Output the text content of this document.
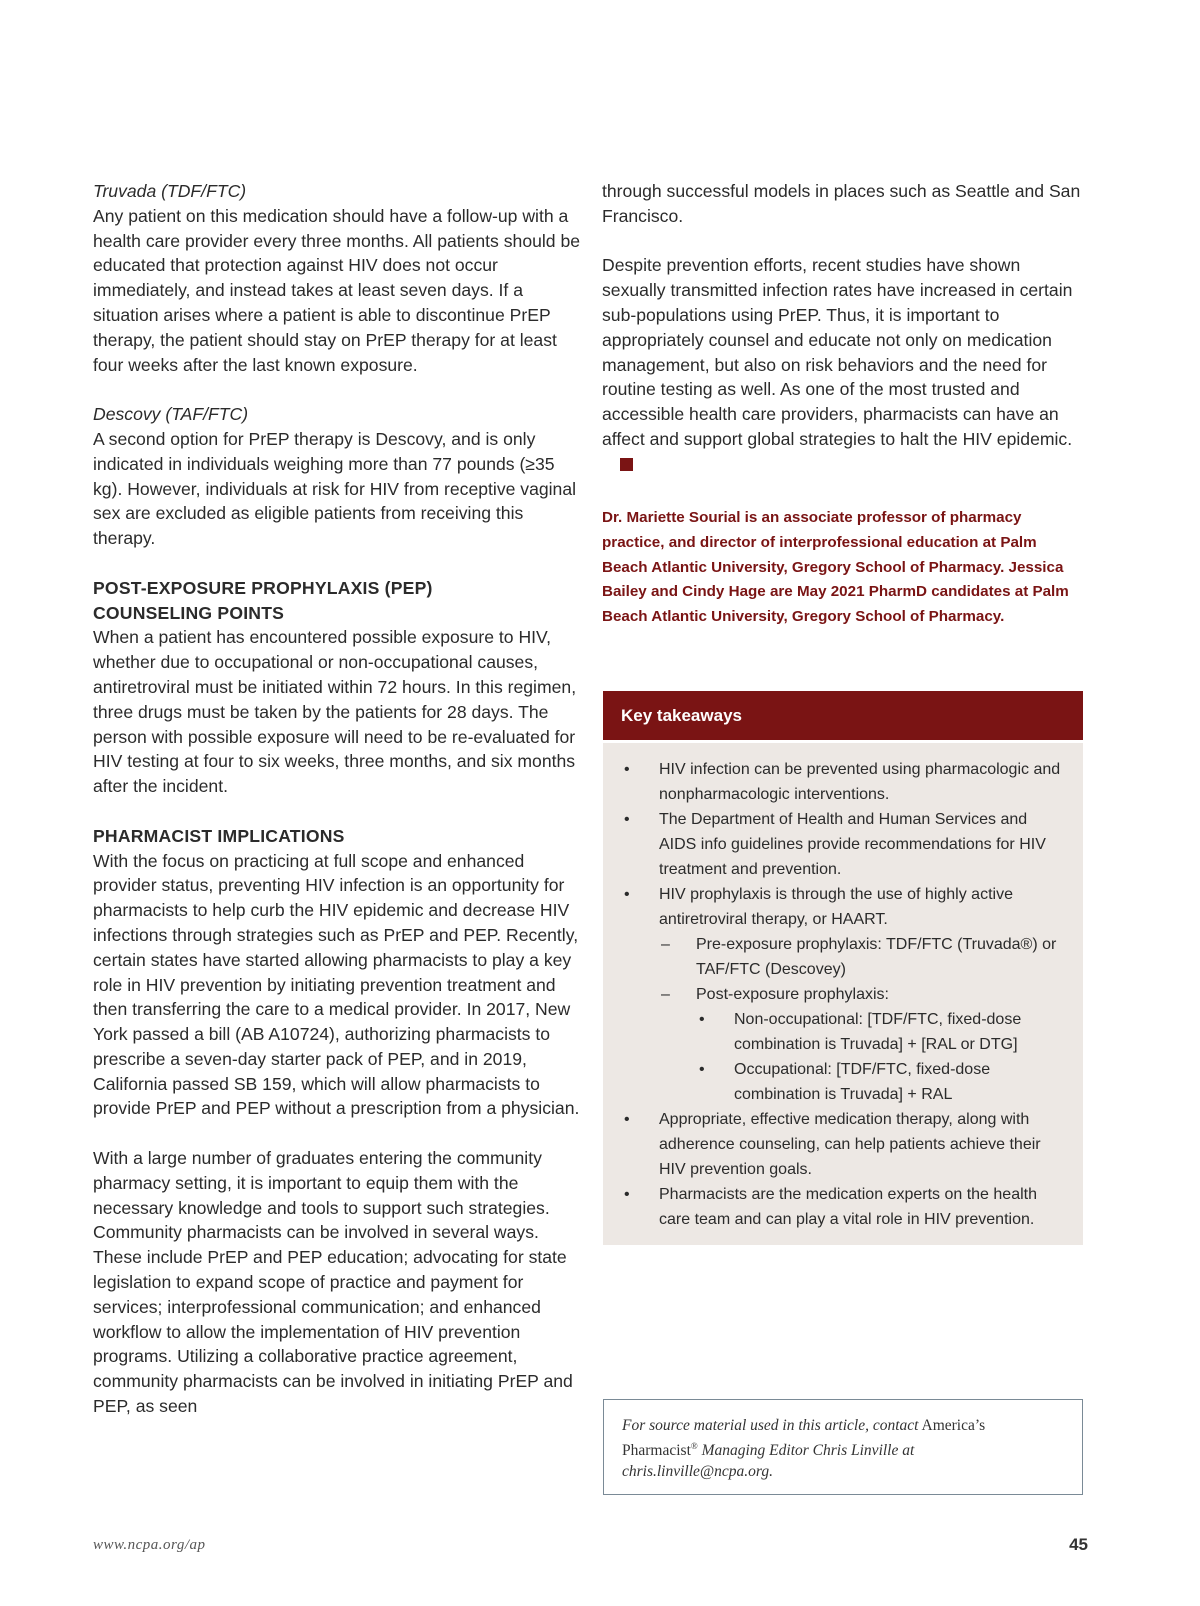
Truvada (TDF/FTC)
Any patient on this medication should have a follow-up with a health care provider every three months. All patients should be educated that protection against HIV does not occur immediately, and instead takes at least seven days. If a situation arises where a patient is able to discontinue PrEP therapy, the patient should stay on PrEP therapy for at least four weeks after the last known exposure.

Descovy (TAF/FTC)
A second option for PrEP therapy is Descovy, and is only indicated in individuals weighing more than 77 pounds (≥35 kg). However, individuals at risk for HIV from receptive vaginal sex are excluded as eligible patients from receiving this therapy.

POST-EXPOSURE PROPHYLAXIS (PEP)
COUNSELING POINTS
When a patient has encountered possible exposure to HIV, whether due to occupational or non-occupational causes, antiretroviral must be initiated within 72 hours. In this regimen, three drugs must be taken by the patients for 28 days. The person with possible exposure will need to be re-evaluated for HIV testing at four to six weeks, three months, and six months after the incident.
PHARMACIST IMPLICATIONS
With the focus on practicing at full scope and enhanced provider status, preventing HIV infection is an opportunity for pharmacists to help curb the HIV epidemic and decrease HIV infections through strategies such as PrEP and PEP. Recently, certain states have started allowing pharmacists to play a key role in HIV prevention by initiating prevention treatment and then transferring the care to a medical provider. In 2017, New York passed a bill (AB A10724), authorizing pharmacists to prescribe a seven-day starter pack of PEP, and in 2019, California passed SB 159, which will allow pharmacists to provide PrEP and PEP without a prescription from a physician.

With a large number of graduates entering the community pharmacy setting, it is important to equip them with the necessary knowledge and tools to support such strategies. Community pharmacists can be involved in several ways. These include PrEP and PEP education; advocating for state legislation to expand scope of practice and payment for services; interprofessional communication; and enhanced workflow to allow the implementation of HIV prevention programs. Utilizing a collaborative practice agreement, community pharmacists can be involved in initiating PrEP and PEP, as seen

through successful models in places such as Seattle and San Francisco.

Despite prevention efforts, recent studies have shown sexually transmitted infection rates have increased in certain sub-populations using PrEP. Thus, it is important to appropriately counsel and educate not only on medication management, but also on risk behaviors and the need for routine testing as well. As one of the most trusted and accessible health care providers, pharmacists can have an affect and support global strategies to halt the HIV epidemic.

Dr. Mariette Sourial is an associate professor of pharmacy practice, and director of interprofessional education at Palm Beach Atlantic University, Gregory School of Pharmacy. Jessica Bailey and Cindy Hage are May 2021 PharmD candidates at Palm Beach Atlantic University, Gregory School of Pharmacy.
Key takeaways
• HIV infection can be prevented using pharmacologic and nonpharmacologic interventions.
• The Department of Health and Human Services and AIDS info guidelines provide recommendations for HIV treatment and prevention.
• HIV prophylaxis is through the use of highly active antiretroviral therapy, or HAART.
– Pre-exposure prophylaxis: TDF/FTC (Truvada®) or TAF/FTC (Descovey)
– Post-exposure prophylaxis:
• Non-occupational: [TDF/FTC, fixed-dose combination is Truvada] + [RAL or DTG]
• Occupational: [TDF/FTC, fixed-dose combination is Truvada] + RAL
• Appropriate, effective medication therapy, along with adherence counseling, can help patients achieve their HIV prevention goals.
• Pharmacists are the medication experts on the health care team and can play a vital role in HIV prevention.
For source material used in this article, contact America’s Pharmacist® Managing Editor Chris Linville at chris.linville@ncpa.org.
www.ncpa.org/ap	45
